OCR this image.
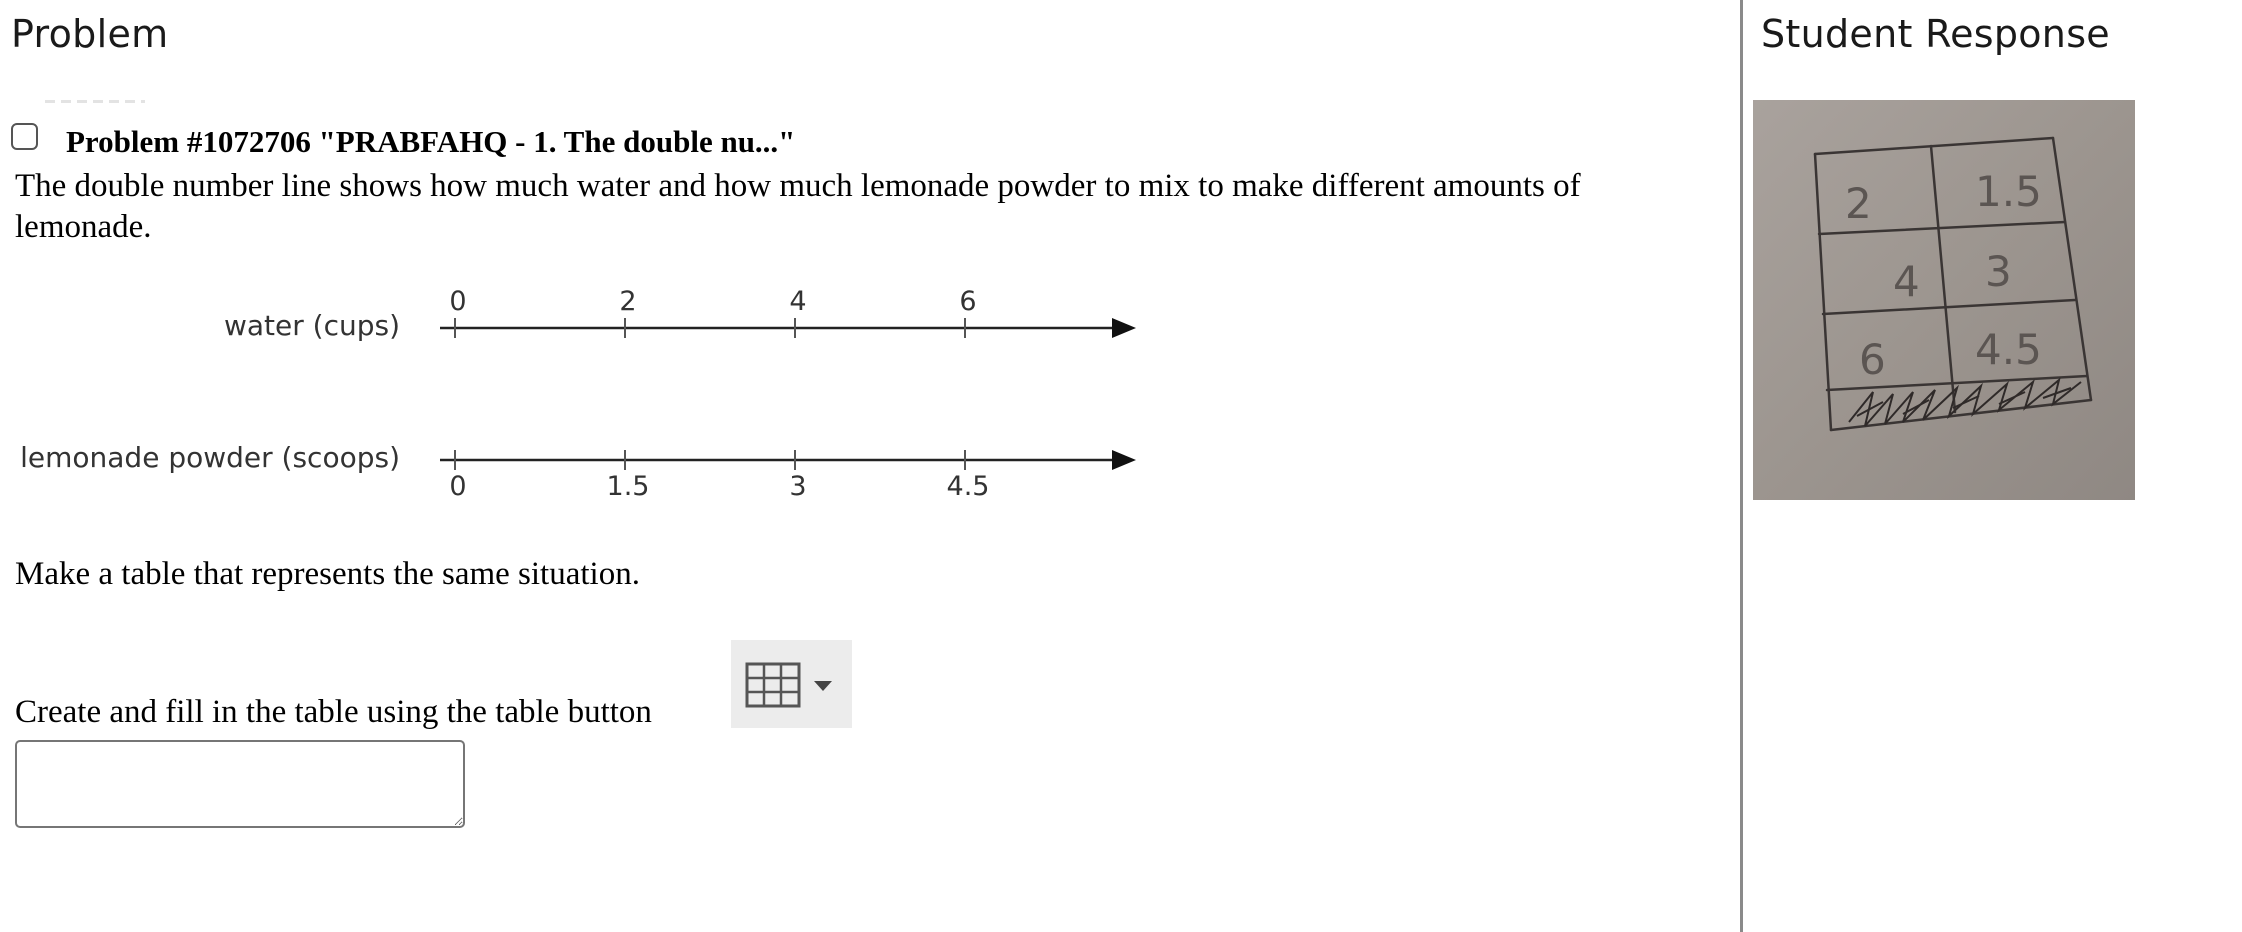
Problem
Problem #1072706 "PRABFAHQ - 1. The double nu..."

The double number line shows how much water and how much lemonade powder to mix to make different amounts of lemonade.

water (cups)
0	2	4	6
lemonade powder (scoops)
0	1.5	3	4.5

Make a table that represents the same situation.

Create and fill in the table using the table button

Student Response
2 1.5
4 3
6 4.5
